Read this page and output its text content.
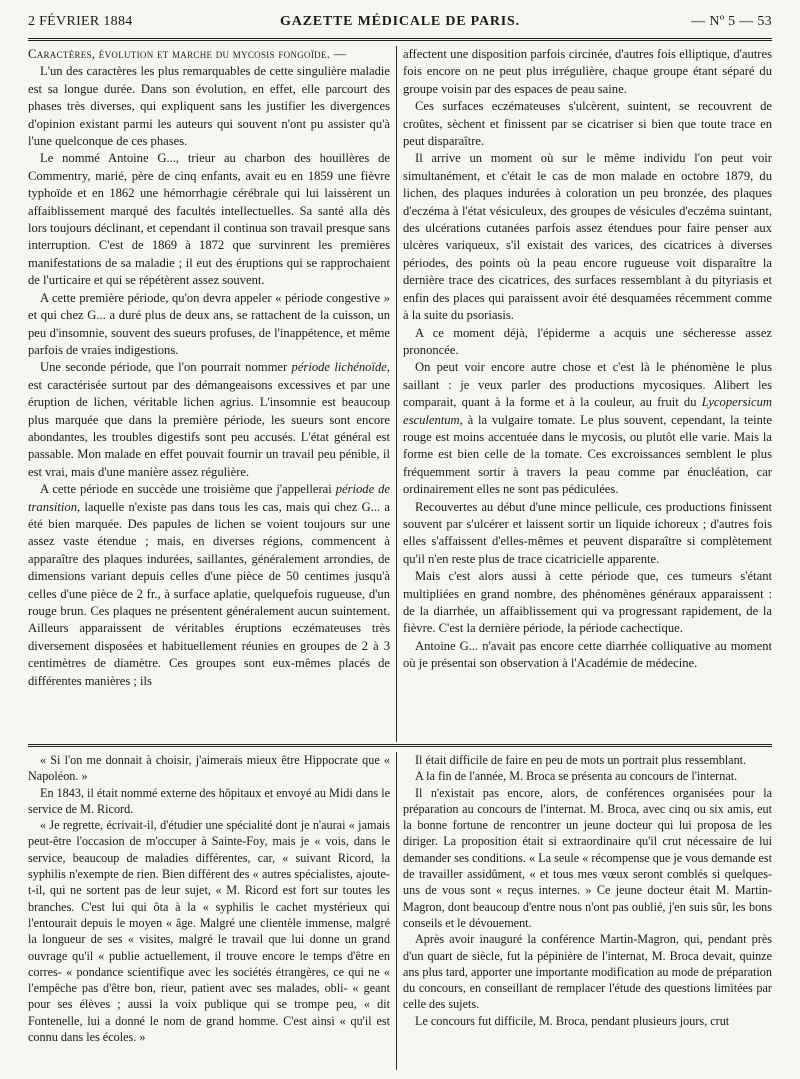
2 FÉVRIER 1884	GAZETTE MÉDICALE DE PARIS.	— Nº 5 — 53

Caractères, évolution et marche du mycosis fongoïde. —

L'un des caractères les plus remarquables de cette singulière maladie est sa longue durée. Dans son évolution, en effet, elle parcourt des phases très diverses, qui expliquent sans les justifier les divergences d'opinion existant parmi les auteurs qui souvent n'ont pu assister qu'à l'une quelconque de ces phases.

Le nommé Antoine G..., trieur au charbon des houillères de Commentry, marié, père de cinq enfants, avait eu en 1859 une fièvre typhoïde et en 1862 une hémorrhagie cérébrale qui lui laissèrent un affaiblissement marqué des facultés intellectuelles. Sa santé alla dès lors toujours déclinant, et cependant il continua son travail presque sans interruption. C'est de 1869 à 1872 que survinrent les premières manifestations de sa maladie ; il eut des éruptions qui se rapprochaient de l'urticaire et qui se répétèrent assez souvent.

A cette première période, qu'on devra appeler « période congestive » et qui chez G... a duré plus de deux ans, se rattachent de la cuisson, un peu d'insomnie, souvent des sueurs profuses, de l'inappétence, et même parfois de vraies indigestions.

Une seconde période, que l'on pourrait nommer période lichénoïde, est caractérisée surtout par des démangeaisons excessives et par une éruption de lichen, véritable lichen agrius. L'insomnie est beaucoup plus marquée que dans la première période, les sueurs sont encore abondantes, les troubles digestifs sont peu accusés. L'état général est passable. Mon malade en effet pouvait fournir un travail peu pénible, il est vrai, mais d'une manière assez régulière.

A cette période en succède une troisième que j'appellerai période de transition, laquelle n'existe pas dans tous les cas, mais qui chez G... a été bien marquée. Des papules de lichen se voient toujours sur une assez vaste étendue ; mais, en diverses régions, commencent à apparaître des plaques indurées, saillantes, généralement arrondies, de dimensions variant depuis celles d'une pièce de 50 centimes jusqu'à celles d'une pièce de 2 fr., à surface aplatie, quelquefois rugueuse, d'un rouge brun. Ces plaques ne présentent généralement aucun suintement. Ailleurs apparaissent de véritables éruptions eczémateuses très diversement disposées et habituellement réunies en groupes de 2 à 3 centimètres de diamètre. Ces groupes sont eux-mêmes placés de différentes manières ; ils

affectent une disposition parfois circinée, d'autres fois elliptique, d'autres fois encore on ne peut plus irrégulière, chaque groupe étant séparé du groupe voisin par des espaces de peau saine.

Ces surfaces eczémateuses s'ulcèrent, suintent, se recouvrent de croûtes, sèchent et finissent par se cicatriser si bien que toute trace en peut disparaître.

Il arrive un moment où sur le même individu l'on peut voir simultanément, et c'était le cas de mon malade en octobre 1879, du lichen, des plaques indurées à coloration un peu bronzée, des plaques d'eczéma à l'état vésiculeux, des groupes de vésicules d'eczéma suintant, des ulcérations cutanées parfois assez étendues pour faire penser aux ulcères variqueux, s'il existait des varices, des cicatrices à diverses périodes, des points où la peau encore rugueuse voit disparaître la dernière trace des cicatrices, des surfaces ressemblant à du pityriasis et enfin des places qui paraissent avoir été desquamées récemment comme à la suite du psoriasis.

A ce moment déjà, l'épiderme a acquis une sécheresse assez prononcée.

On peut voir encore autre chose et c'est là le phénomène le plus saillant : je veux parler des productions mycosiques. Alibert les comparait, quant à la forme et à la couleur, au fruit du Lycopersicum esculentum, à la vulgaire tomate. Le plus souvent, cependant, la teinte rouge est moins accentuée dans le mycosis, ou plutôt elle varie. Mais la forme est bien celle de la tomate. Ces excroissances semblent le plus fréquemment sortir à travers la peau comme par énucléation, car ordinairement elles ne sont pas pédiculées.

Recouvertes au début d'une mince pellicule, ces productions finissent souvent par s'ulcérer et laissent sortir un liquide ichoreux ; d'autres fois elles s'affaissent d'elles-mêmes et peuvent disparaître si complètement qu'il n'en reste plus de trace cicatricielle apparente.

Mais c'est alors aussi à cette période que, ces tumeurs s'étant multipliées en grand nombre, des phénomènes généraux apparaissent : de la diarrhée, un affaiblissement qui va progressant rapidement, de la fièvre. C'est la dernière période, la période cachectique.

Antoine G... n'avait pas encore cette diarrhée colliquative au moment où je présentai son observation à l'Académie de médecine.

« Si l'on me donnait à choisir, j'aimerais mieux être Hippocrate que « Napoléon. »

En 1843, il était nommé externe des hôpitaux et envoyé au Midi dans le service de M. Ricord.

« Je regrette, écrivait-il, d'étudier une spécialité dont je n'aurai « jamais peut-être l'occasion de m'occuper à Sainte-Foy, mais je « vois, dans le service, beaucoup de maladies différentes, car, « suivant Ricord, la syphilis n'exempte de rien. Bien différent des « autres spécialistes, ajoute-t-il, qui ne sortent pas de leur sujet, « M. Ricord est fort sur toutes les branches. C'est lui qui ôta à la « syphilis le cachet mystérieux qui l'entourait depuis le moyen « âge. Malgré une clientèle immense, malgré la longueur de ses « visites, malgré le travail que lui donne un grand ouvrage qu'il « publie actuellement, il trouve encore le temps d'être en corres- « pondance scientifique avec les sociétés étrangères, ce qui ne « l'empêche pas d'être bon, rieur, patient avec ses malades, obli- « geant pour ses élèves ; aussi la voix publique qui se trompe peu, « dit Fontenelle, lui a donné le nom de grand homme. C'est ainsi « qu'il est connu dans les écoles. »

Il était difficile de faire en peu de mots un portrait plus ressemblant.

A la fin de l'année, M. Broca se présenta au concours de l'internat.

Il n'existait pas encore, alors, de conférences organisées pour la préparation au concours de l'internat. M. Broca, avec cinq ou six amis, eut la bonne fortune de rencontrer un jeune docteur qui lui proposa de les diriger. La proposition était si extraordinaire qu'il crut nécessaire de lui demander ses conditions. « La seule « récompense que je vous demande est de travailler assidûment, « et tous mes vœux seront comblés si quelques-uns de vous sont « reçus internes. » Ce jeune docteur était M. Martin-Magron, dont beaucoup d'entre nous n'ont pas oublié, j'en suis sûr, les bons conseils et le dévouement.

Après avoir inauguré la conférence Martin-Magron, qui, pendant près d'un quart de siècle, fut la pépinière de l'internat, M. Broca devait, quinze ans plus tard, apporter une importante modification au mode de préparation du concours, en conseillant de remplacer l'étude des questions limitées par celle des sujets.

Le concours fut difficile, M. Broca, pendant plusieurs jours, crut
